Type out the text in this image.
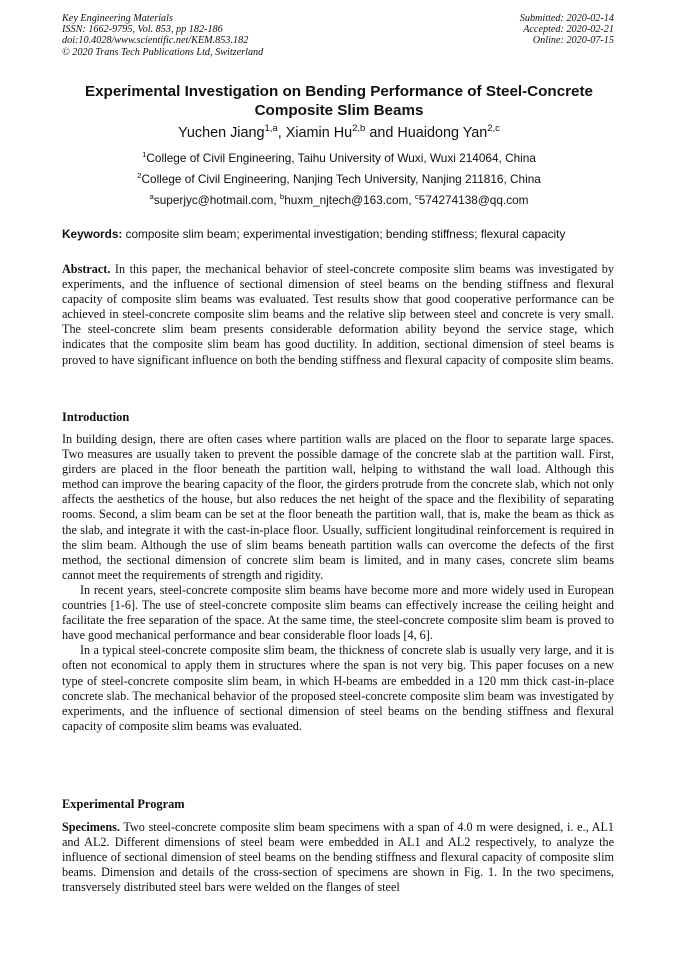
Key Engineering Materials
ISSN: 1662-9795, Vol. 853, pp 182-186
doi:10.4028/www.scientific.net/KEM.853.182
© 2020 Trans Tech Publications Ltd, Switzerland
Submitted: 2020-02-14
Accepted: 2020-02-21
Online: 2020-07-15
Experimental Investigation on Bending Performance of Steel-Concrete
Composite Slim Beams
Yuchen Jiang$^{1,a}$, Xiamin Hu$^{2,b}$ and Huaidong Yan$^{2,c}$
$^1$College of Civil Engineering, Taihu University of Wuxi, Wuxi 214064, China
$^2$College of Civil Engineering, Nanjing Tech University, Nanjing 211816, China
$^a$superjyc@hotmail.com, $^b$huxm_njtech@163.com, $^c$574274138@qq.com
Keywords: composite slim beam; experimental investigation; bending stiffness; flexural capacity
Abstract. In this paper, the mechanical behavior of steel-concrete composite slim beams was investigated by experiments, and the influence of sectional dimension of steel beams on the bending stiffness and flexural capacity of composite slim beams was evaluated. Test results show that good cooperative performance can be achieved in steel-concrete composite slim beams and the relative slip between steel and concrete is very small. The steel-concrete slim beam presents considerable deformation ability beyond the service stage, which indicates that the composite slim beam has good ductility. In addition, sectional dimension of steel beams is proved to have significant influence on both the bending stiffness and flexural capacity of composite slim beams.
Introduction

In building design, there are often cases where partition walls are placed on the floor to separate large spaces. Two measures are usually taken to prevent the possible damage of the concrete slab at the partition wall. First, girders are placed in the floor beneath the partition wall, helping to withstand the wall load. Although this method can improve the bearing capacity of the floor, the girders protrude from the concrete slab, which not only affects the aesthetics of the house, but also reduces the net height of the space and the flexibility of separating rooms. Second, a slim beam can be set at the floor beneath the partition wall, that is, make the beam as thick as the slab, and integrate it with the cast-in-place floor. Usually, sufficient longitudinal reinforcement is required in the slim beam. Although the use of slim beams beneath partition walls can overcome the defects of the first method, the sectional dimension of concrete slim beam is limited, and in many cases, concrete slim beams cannot meet the requirements of strength and rigidity.

In recent years, steel-concrete composite slim beams have become more and more widely used in European countries [1-6]. The use of steel-concrete composite slim beams can effectively increase the ceiling height and facilitate the free separation of the space. At the same time, the steel-concrete composite slim beam is proved to have good mechanical performance and bear considerable floor loads [4, 6].

In a typical steel-concrete composite slim beam, the thickness of concrete slab is usually very large, and it is often not economical to apply them in structures where the span is not very big. This paper focuses on a new type of steel-concrete composite slim beam, in which H-beams are embedded in a 120 mm thick cast-in-place concrete slab. The mechanical behavior of the proposed steel-concrete composite slim beam was investigated by experiments, and the influence of sectional dimension of steel beams on the bending stiffness and flexural capacity of composite slim beams was evaluated.

Experimental Program
Specimens. Two steel-concrete composite slim beam specimens with a span of 4.0 m were designed, i. e., AL1 and AL2. Different dimensions of steel beam were embedded in AL1 and AL2 respectively, to analyze the influence of sectional dimension of steel beams on the bending stiffness and flexural capacity of composite slim beams. Dimension and details of the cross-section of specimens are shown in Fig. 1. In the two specimens, transversely distributed steel bars were welded on the flanges of steel
